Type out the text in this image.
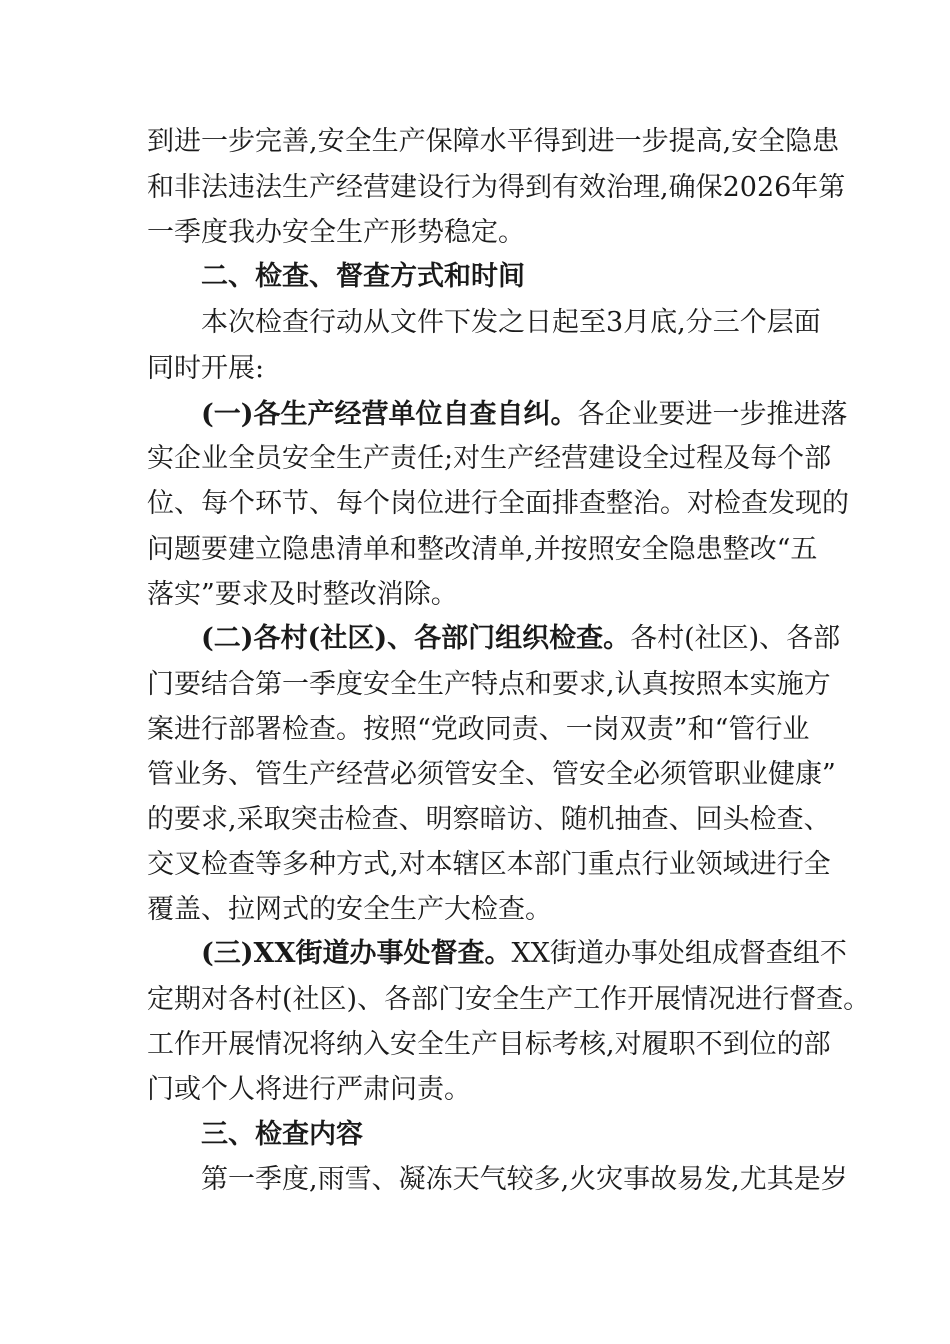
到进一步完善,安全生产保障水平得到进一步提高,安全隐患
和非法违法生产经营建设行为得到有效治理,确保2026年第
一季度我办安全生产形势稳定。
二、检查、督查方式和时间
本次检查行动从文件下发之日起至3月底,分三个层面
同时开展:
(一)各生产经营单位自查自纠。各企业要进一步推进落
实企业全员安全生产责任;对生产经营建设全过程及每个部
位、每个环节、每个岗位进行全面排查整治。对检查发现的
问题要建立隐患清单和整改清单,并按照安全隐患整改“五
落实”要求及时整改消除。
(二)各村(社区)、各部门组织检查。各村(社区)、各部
门要结合第一季度安全生产特点和要求,认真按照本实施方
案进行部署检查。按照“党政同责、一岗双责”和“管行业
管业务、管生产经营必须管安全、管安全必须管职业健康”
的要求,采取突击检查、明察暗访、随机抽查、回头检查、
交叉检查等多种方式,对本辖区本部门重点行业领域进行全
覆盖、拉网式的安全生产大检查。
(三)XX街道办事处督查。XX街道办事处组成督查组不
定期对各村(社区)、各部门安全生产工作开展情况进行督查。
工作开展情况将纳入安全生产目标考核,对履职不到位的部
门或个人将进行严肃问责。
三、检查内容
第一季度,雨雪、凝冻天气较多,火灾事故易发,尤其是岁
